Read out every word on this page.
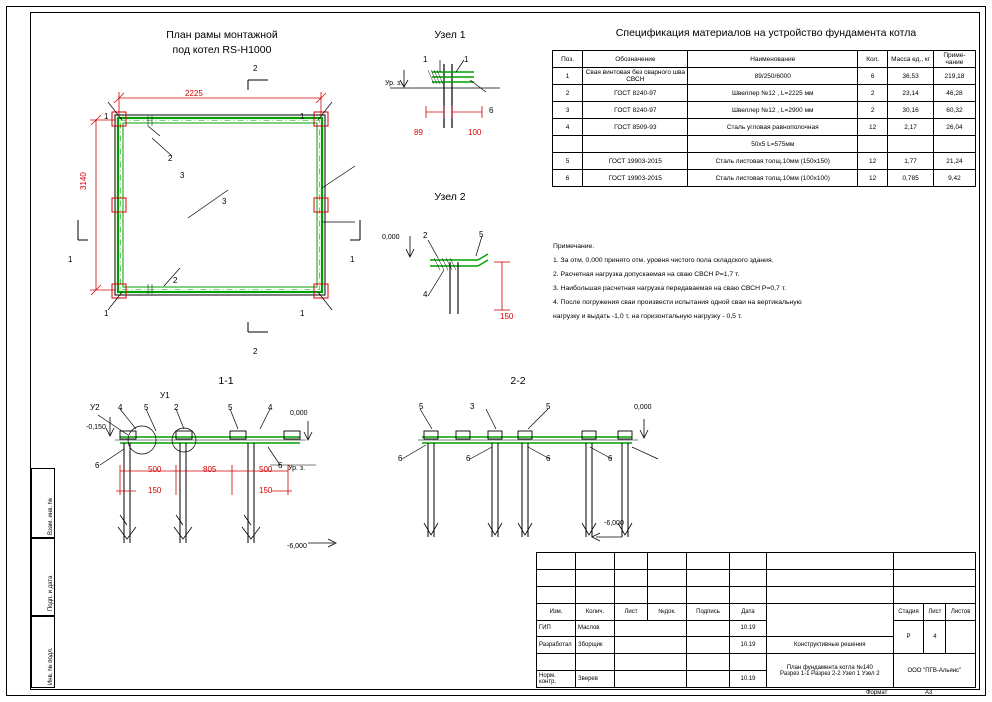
Взам. инв. №
Подп. и дата
Инв. № подл.
План рамы монтажной
под котел RS-H1000
2225
3140
1
2
3
1
1
2
3
1
2
2
1	1
Узел 1
1	1
6
Ур. з.
89	100
Узел 2
0,000	2	5
4
150
1-1
У2 4	5	2	5	4
6	6
У1
0,000
-0,150
Ур. з.
-6,000
500	805	500
150	150
2-2
5	3	5
6	6	6	6
0,000
-6,000
Спецификация материалов на устройство фундамента котла
Поз.	Обозначение	Наименование	Кол.	Масса ед., кг	Приме- чание
1	Свая винтовая без сварного шва СВСН	89/250/6000	6	36,53	219,18
2	ГОСТ 8240-97	Швеллер №12 , L=2225 мм	2	23,14	46,28
3	ГОСТ 8240-97	Швеллер №12 , L=2900 мм	2	30,16	60,32
4	ГОСТ 8509-93	Сталь угловая равнополочная	12	2,17	26,04
		50х5 L=575мм			
5	ГОСТ 19903-2015	Сталь листовая толщ.10мм (150х150)	12	1,77	21,24
6	ГОСТ 19903-2015	Сталь листовая толщ.10мм (100х100)	12	0,785	9,42
Примечание.
1. За отм. 0,000 принято отм. уровня чистого пола складского здания.
2. Расчетная нагрузка допускаемая на сваю СВСН Р=1,7 т.
3. Наибольшая расчетная нагрузка передаваемая на сваю СВСН Р=0,7 т.
4. После погружения сваи произвести испытания одной сваи на вертикальную
нагрузку и выдать -1,0 т, на горизонтальную нагрузку - 0,5 т.

Изм.	Колич.	Лист	№док.	Подпись	Дата		Стадия	Лист	Листов
ГИП	Маслов				10.19		Р	4	
Разработал	Зборщик				10.19	Конструктивные решения			

						План фундамента котла №140
Разрез 1-1 Разрез 2-2 Узел 1 Узел 2	ООО "ПГВ-Альянс"		
Норм. контр.	Зверев				10.19				
Формат	А3
